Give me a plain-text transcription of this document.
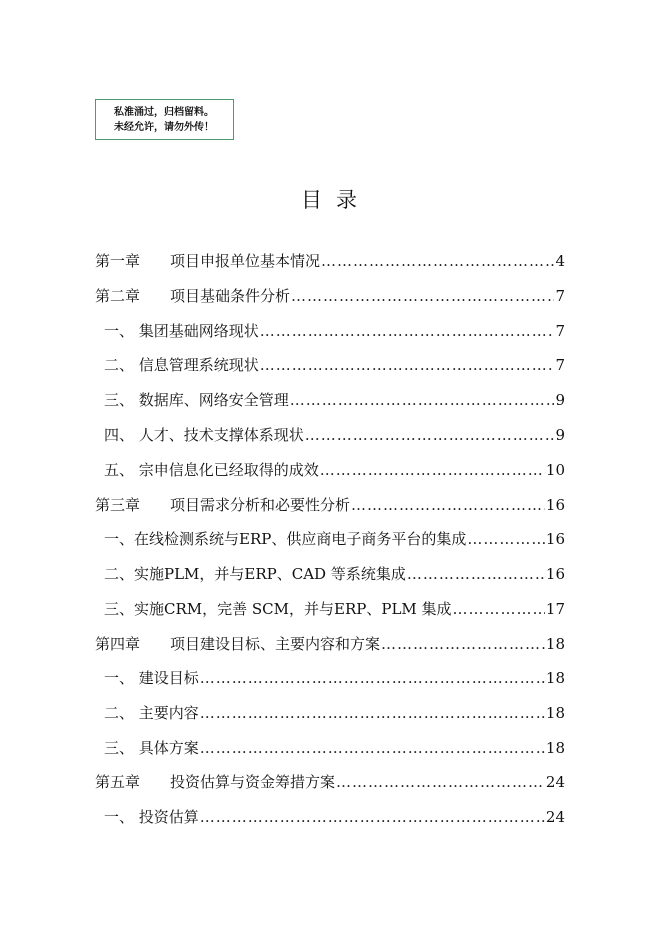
私淮涌过，归档留料。
未经允许，请勿外传！
目录
第一章　　项目申报单位基本情况 …………………………………………………………………………………………………………………………	4
第二章　　项目基础条件分析 …………………………………………………………………………………………………………………………	7
一、 集团基础网络现状 …………………………………………………………………………………………………………………………	7
二、 信息管理系统现状 …………………………………………………………………………………………………………………………	7
三、 数据库、网络安全管理 …………………………………………………………………………………………………………………………	9
四、 人才、技术支撑体系现状 …………………………………………………………………………………………………………………………	9
五、 宗申信息化已经取得的成效 …………………………………………………………………………………………………………………………	10
第三章　　项目需求分析和必要性分析 …………………………………………………………………………………………………………………………	16
一、在线检测系统与ERP、供应商电子商务平台的集成 …………………………………………………………………………………………………………………………	16
二、实施PLM，并与ERP、CAD 等系统集成 …………………………………………………………………………………………………………………………	16
三、实施CRM，完善 SCM，并与ERP、PLM 集成 …………………………………………………………………………………………………………………………	17
第四章　　项目建设目标、主要内容和方案 …………………………………………………………………………………………………………………………	18
一、 建设目标 …………………………………………………………………………………………………………………………	18
二、 主要内容 …………………………………………………………………………………………………………………………	18
三、 具体方案 …………………………………………………………………………………………………………………………	18
第五章　　投资估算与资金筹措方案 …………………………………………………………………………………………………………………………	24
一、 投资估算 …………………………………………………………………………………………………………………………	24
